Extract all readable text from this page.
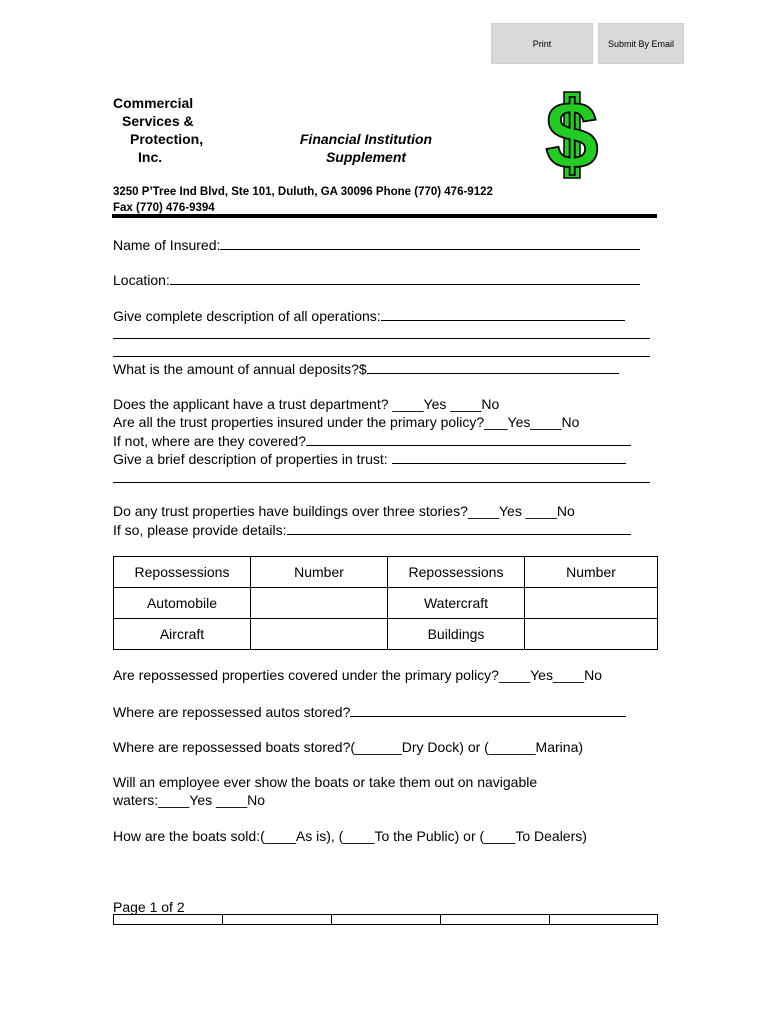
Print	Submit By Email
Commercial
Services &
Protection,
Inc.
Financial Institution
Supplement	$
3250 P’Tree Ind Blvd, Ste 101, Duluth, GA 30096 Phone (770) 476-9122 Fax (770) 476-9394
Name of Insured:
Location:
Give complete description of all operations:
What is the amount of annual deposits?$
Does the applicant have a trust department? ____Yes ____No
Are all the trust properties insured under the primary policy?___Yes____No
If not, where are they covered?
Give a brief description of properties in trust:
Do any trust properties have buildings over three stories?____Yes ____No
If so, please provide details:
Repossessions	Number	Repossessions	Number
Automobile		Watercraft	
Aircraft		Buildings	
Are repossessed properties covered under the primary policy?____Yes____No
Where are repossessed autos stored?
Where are repossessed boats stored?(______Dry Dock) or (______Marina)
Will an employee ever show the boats or take them out on navigable
waters:____Yes ____No
How are the boats sold:(____As is), (____To the Public) or (____To Dealers)
Page 1 of 2
